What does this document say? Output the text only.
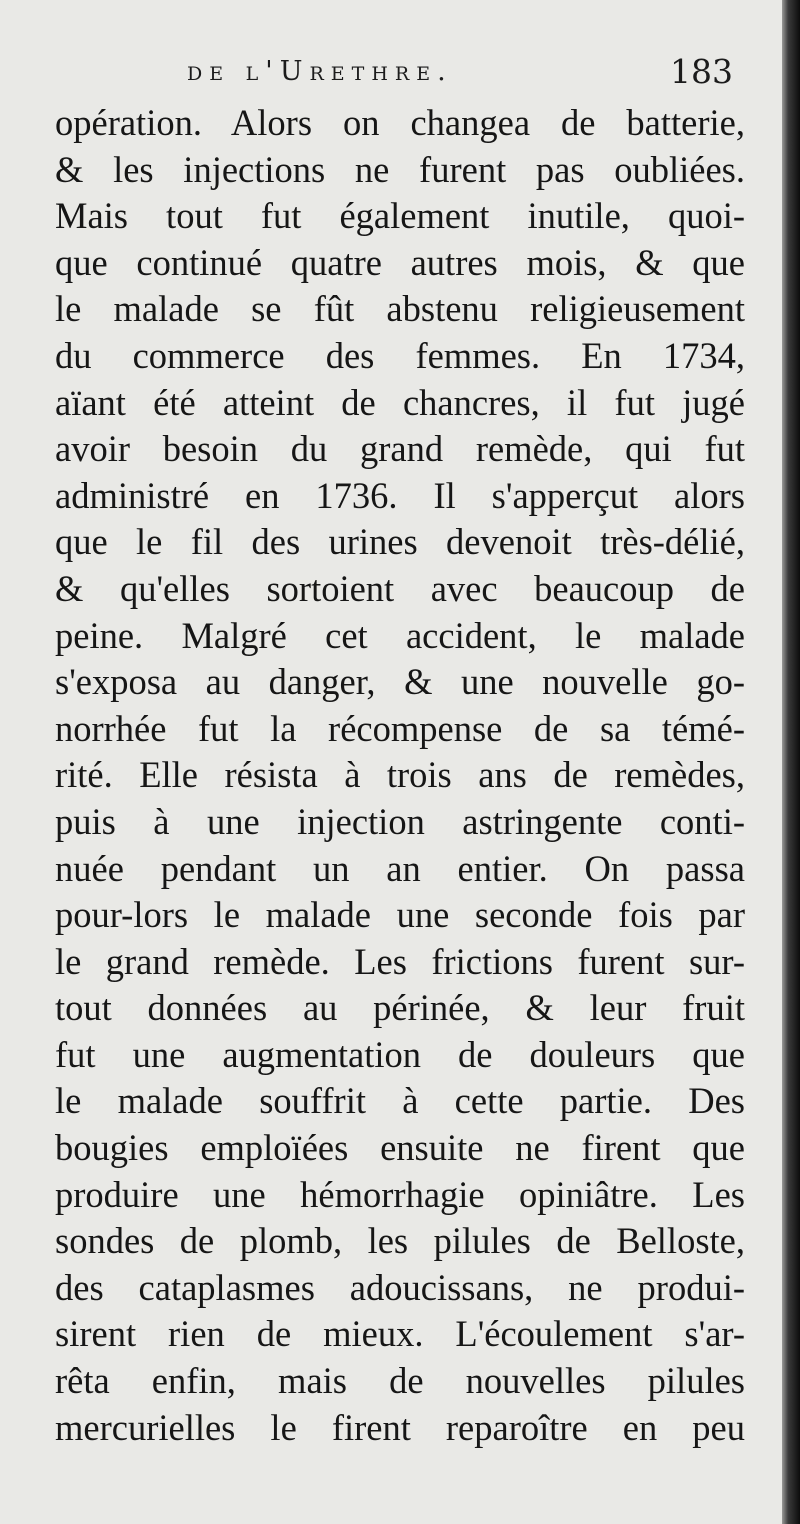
de l'Urethre.	183
opération. Alors on changea de batterie,
& les injections ne furent pas oubliées.
Mais tout fut également inutile, quoi-
que continué quatre autres mois, & que
le malade se fût abstenu religieusement
du commerce des femmes. En 1734,
aïant été atteint de chancres, il fut jugé
avoir besoin du grand remède, qui fut
administré en 1736. Il s'apperçut alors
que le fil des urines devenoit très-délié,
& qu'elles sortoient avec beaucoup de
peine. Malgré cet accident, le malade
s'exposa au danger, & une nouvelle go-
norrhée fut la récompense de sa témé-
rité. Elle résista à trois ans de remèdes,
puis à une injection astringente conti-
nuée pendant un an entier. On passa
pour-lors le malade une seconde fois par
le grand remède. Les frictions furent sur-
tout données au périnée, & leur fruit
fut une augmentation de douleurs que
le malade souffrit à cette partie. Des
bougies emploïées ensuite ne firent que
produire une hémorrhagie opiniâtre. Les
sondes de plomb, les pilules de Belloste,
des cataplasmes adoucissans, ne produi-
sirent rien de mieux. L'écoulement s'ar-
rêta enfin, mais de nouvelles pilules
mercurielles le firent reparoître en peu
